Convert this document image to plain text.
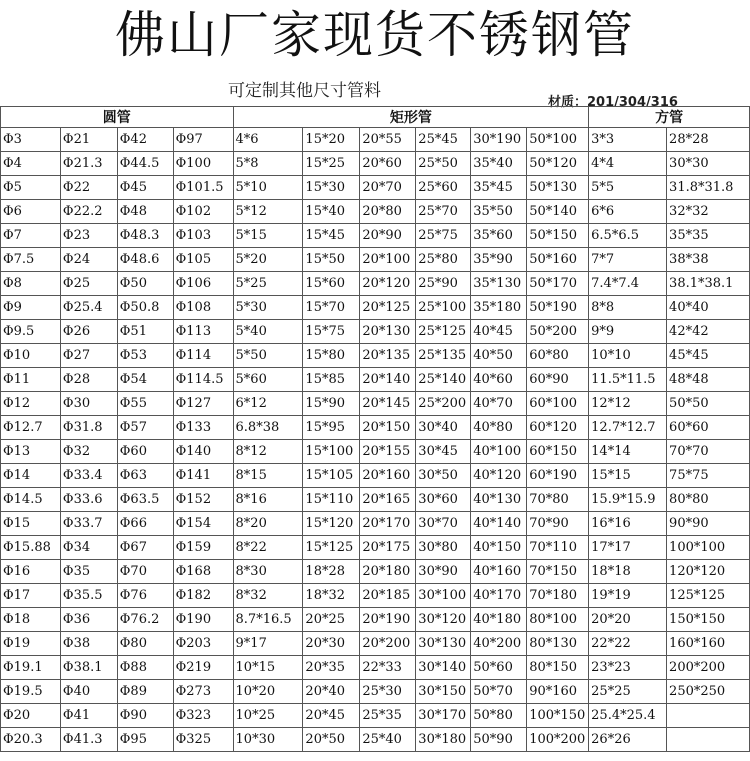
佛山厂家现货不锈钢管
可定制其他尺寸管料
材质：201/304/316
圆管				矩形管						方管	
Φ3	Φ21	Φ42	Φ97	4*6	15*20	20*55	25*45	30*190	50*100	3*3	28*28
Φ4	Φ21.3	Φ44.5	Φ100	5*8	15*25	20*60	25*50	35*40	50*120	4*4	30*30
Φ5	Φ22	Φ45	Φ101.5	5*10	15*30	20*70	25*60	35*45	50*130	5*5	31.8*31.8
Φ6	Φ22.2	Φ48	Φ102	5*12	15*40	20*80	25*70	35*50	50*140	6*6	32*32
Φ7	Φ23	Φ48.3	Φ103	5*15	15*45	20*90	25*75	35*60	50*150	6.5*6.5	35*35
Φ7.5	Φ24	Φ48.6	Φ105	5*20	15*50	20*100	25*80	35*90	50*160	7*7	38*38
Φ8	Φ25	Φ50	Φ106	5*25	15*60	20*120	25*90	35*130	50*170	7.4*7.4	38.1*38.1
Φ9	Φ25.4	Φ50.8	Φ108	5*30	15*70	20*125	25*100	35*180	50*190	8*8	40*40
Φ9.5	Φ26	Φ51	Φ113	5*40	15*75	20*130	25*125	40*45	50*200	9*9	42*42
Φ10	Φ27	Φ53	Φ114	5*50	15*80	20*135	25*135	40*50	60*80	10*10	45*45
Φ11	Φ28	Φ54	Φ114.5	5*60	15*85	20*140	25*140	40*60	60*90	11.5*11.5	48*48
Φ12	Φ30	Φ55	Φ127	6*12	15*90	20*145	25*200	40*70	60*100	12*12	50*50
Φ12.7	Φ31.8	Φ57	Φ133	6.8*38	15*95	20*150	30*40	40*80	60*120	12.7*12.7	60*60
Φ13	Φ32	Φ60	Φ140	8*12	15*100	20*155	30*45	40*100	60*150	14*14	70*70
Φ14	Φ33.4	Φ63	Φ141	8*15	15*105	20*160	30*50	40*120	60*190	15*15	75*75
Φ14.5	Φ33.6	Φ63.5	Φ152	8*16	15*110	20*165	30*60	40*130	70*80	15.9*15.9	80*80
Φ15	Φ33.7	Φ66	Φ154	8*20	15*120	20*170	30*70	40*140	70*90	16*16	90*90
Φ15.88	Φ34	Φ67	Φ159	8*22	15*125	20*175	30*80	40*150	70*110	17*17	100*100
Φ16	Φ35	Φ70	Φ168	8*30	18*28	20*180	30*90	40*160	70*150	18*18	120*120
Φ17	Φ35.5	Φ76	Φ182	8*32	18*32	20*185	30*100	40*170	70*180	19*19	125*125
Φ18	Φ36	Φ76.2	Φ190	8.7*16.5	20*25	20*190	30*120	40*180	80*100	20*20	150*150
Φ19	Φ38	Φ80	Φ203	9*17	20*30	20*200	30*130	40*200	80*130	22*22	160*160
Φ19.1	Φ38.1	Φ88	Φ219	10*15	20*35	22*33	30*140	50*60	80*150	23*23	200*200
Φ19.5	Φ40	Φ89	Φ273	10*20	20*40	25*30	30*150	50*70	90*160	25*25	250*250
Φ20	Φ41	Φ90	Φ323	10*25	20*45	25*35	30*170	50*80	100*150	25.4*25.4	
Φ20.3	Φ41.3	Φ95	Φ325	10*30	20*50	25*40	30*180	50*90	100*200	26*26	
